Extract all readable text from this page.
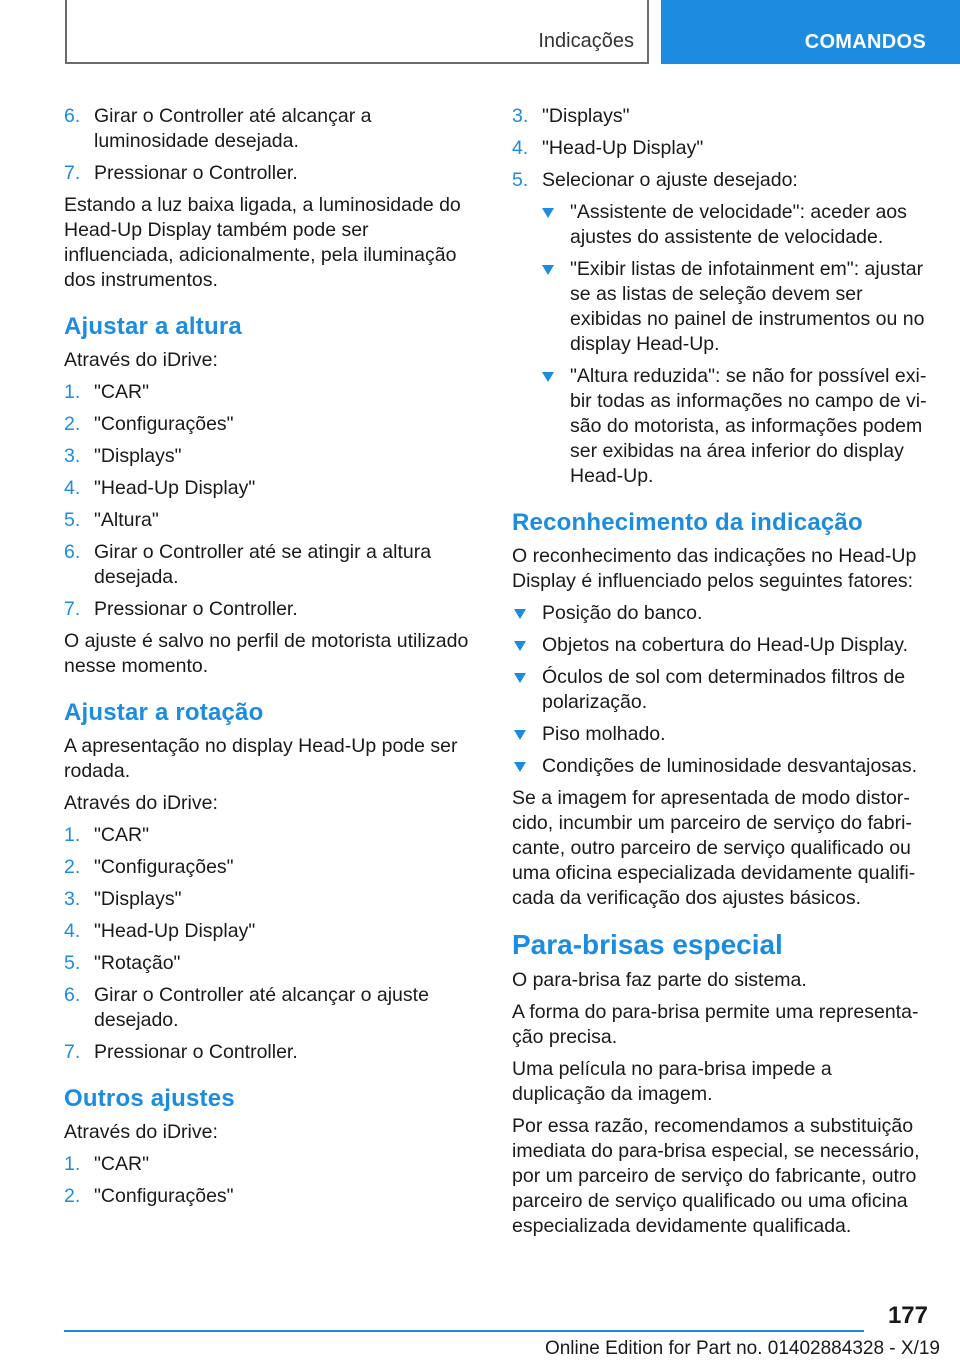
Indicações	COMANDOS
6. Girar o Controller até alcançar a luminosidade desejada.
7. Pressionar o Controller.

Estando a luz baixa ligada, a luminosidade do Head-Up Display também pode ser influenciada, adicionalmente, pela iluminação dos instrumentos.

Ajustar a altura

Através do iDrive:

1. "CAR"
2. "Configurações"
3. "Displays"
4. "Head-Up Display"
5. "Altura"
6. Girar o Controller até se atingir a altura desejada.
7. Pressionar o Controller.

O ajuste é salvo no perfil de motorista utilizado nesse momento.

Ajustar a rotação

A apresentação no display Head-Up pode ser rodada.

Através do iDrive:

1. "CAR"
2. "Configurações"
3. "Displays"
4. "Head-Up Display"
5. "Rotação"
6. Girar o Controller até alcançar o ajuste desejado.
7. Pressionar o Controller.
Outros ajustes

Através do iDrive:

1. "CAR"
2. "Configurações"
3. "Displays"
4. "Head-Up Display"
5. Selecionar o ajuste desejado:
"Assistente de velocidade": aceder aos ajustes do assistente de velocidade.
"Exibir listas de infotainment em": ajustar se as listas de seleção devem ser exibidas no painel de instrumentos ou no display Head-Up.
"Altura reduzida": se não for possível exibir todas as informações no campo de visão do motorista, as informações podem ser exibidas na área inferior do display Head-Up.
Reconhecimento da indicação

O reconhecimento das indicações no Head-Up Display é influenciado pelos seguintes fatores:

Posição do banco.
Objetos na cobertura do Head-Up Display.
Óculos de sol com determinados filtros de polarização.
Piso molhado.
Condições de luminosidade desvantajosas.

Se a imagem for apresentada de modo distorcido, incumbir um parceiro de serviço do fabricante, outro parceiro de serviço qualificado ou uma oficina especializada devidamente qualificada da verificação dos ajustes básicos.

Para-brisas especial

O para-brisa faz parte do sistema.

A forma do para-brisa permite uma representação precisa.

Uma película no para-brisa impede a duplicação da imagem.

Por essa razão, recomendamos a substituição imediata do para-brisa especial, se necessário, por um parceiro de serviço do fabricante, outro parceiro de serviço qualificado ou uma oficina especializada devidamente qualificada.

177
Online Edition for Part no. 01402884328 - X/19
